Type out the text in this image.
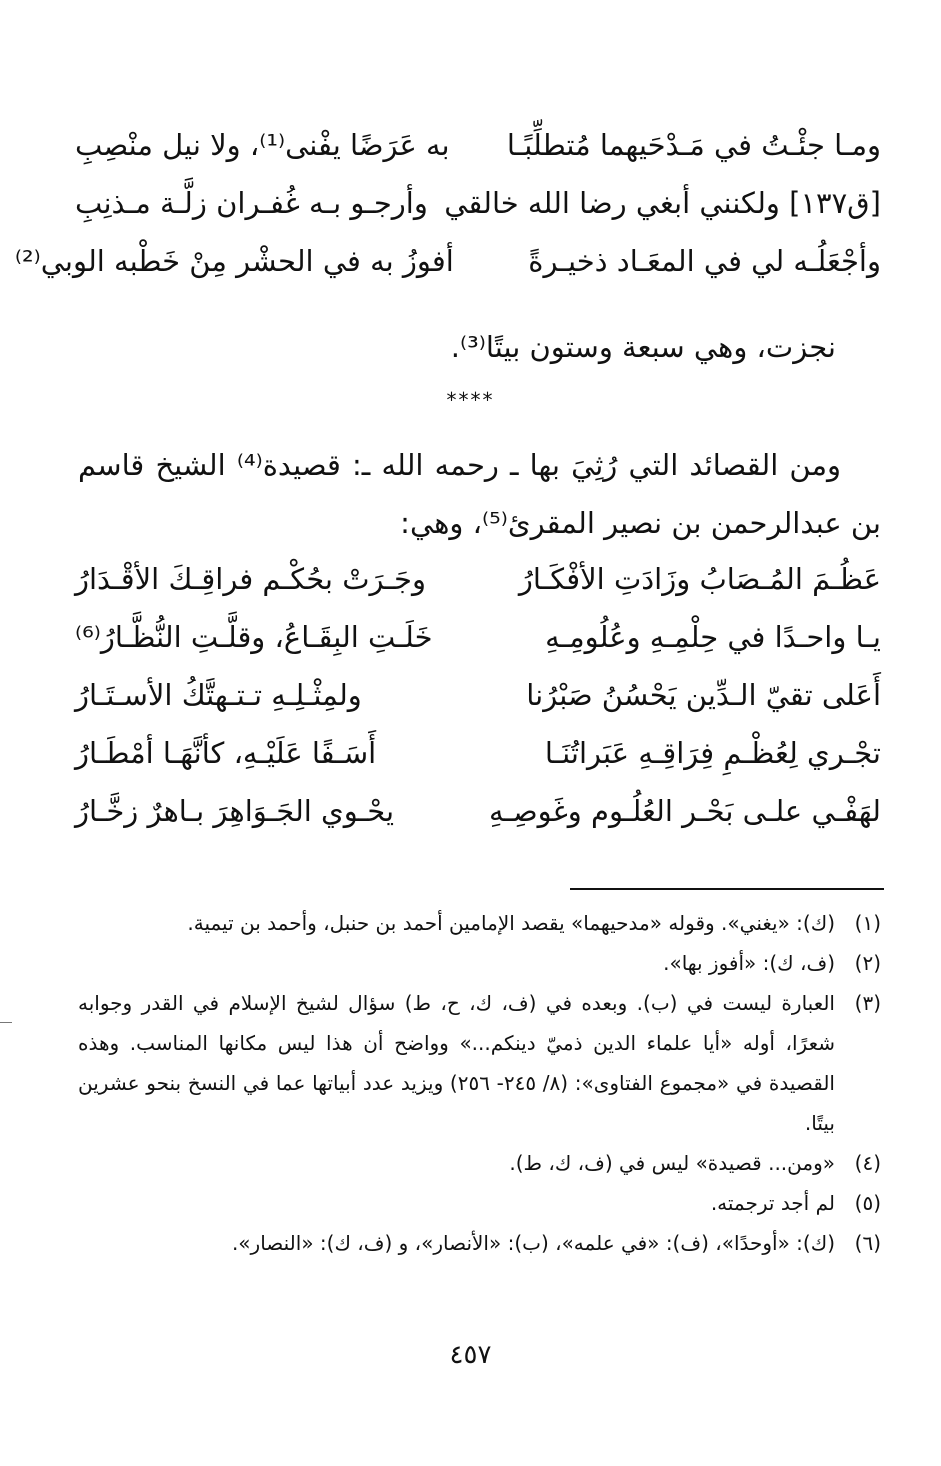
ومـا جئْـتُ في مَـدْحَيهما مُتطلِّبًـا
به عَرَضًا يفْنى⁽¹⁾، ولا نيل منْصِبِ
[ق١٣٧] ولكنني أبغي رضا الله خالقي
وأرجـو بـه غُفـران زلَّـة مـذنِبِ
وأجْعَلُـه لي في المعَـاد ذخيـرةً
أفوزُ به في الحشْر مِنْ خَطْبه الوبي⁽²⁾

نجزت، وهي سبعة وستون بيتًا⁽³⁾.

****

ومن القصائد التي رُثِيَ بها ـ رحمه الله ـ: قصيدة⁽⁴⁾ الشيخ قاسم بن عبدالرحمن بن نصير المقرئ⁽⁵⁾، وهي:

عَظُـمَ المُـصَابُ وزَادَتِ الأفْكَـارُ
وجَـرَتْ بحُكْـم فراقِـكَ الأقْـدَارُ
يـا واحـدًا في حِلْمِـهِ وعُلُومِـهِ
خَلَـتِ البِقَـاعُ، وقلَّـتِ النُّظَّـارُ⁽⁶⁾
أَعَلى تقيّ الـدِّين يَحْسُنُ صَبْرُنا
ولمِثْـلِـهِ تـتـهتَّكُ الأسـتَـارُ
تجْـري لِعُظْـمِ فِرَاقِـهِ عَبَراتُنَـا
أَسَـفًا عَلَيْـهِ، كأنَّهَـا أمْطَـارُ
لهَفْـي علـى بَحْـر العُلُـوم وغَوصِـهِ
يحْـوي الجَـوَاهِرَ بـاهرٌ زخَّـارُ
(١)
(ك): «يغني». وقوله «مدحيهما» يقصد الإمامين أحمد بن حنبل، وأحمد بن تيمية.
(٢)
(ف، ك): «أفوز بها».
(٣)
العبارة ليست في (ب). وبعده في (ف، ك، ح، ط) سؤال لشيخ الإسلام في القدر وجوابه شعرًا، أوله «أيا علماء الدين ذميّ دينكم...» وواضح أن هذا ليس مكانها المناسب. وهذه القصيدة في «مجموع الفتاوى»: (٨/ ٢٤٥- ٢٥٦) ويزيد عدد أبياتها عما في النسخ بنحو عشرين بيتًا.
(٤)
«ومن... قصيدة» ليس في (ف، ك، ط).
(٥)
لم أجد ترجمته.
(٦)
(ك): «أوحدًا»، (ف): «في علمه»، (ب): «الأنصار»، و (ف، ك): «النصار».
٤٥٧
